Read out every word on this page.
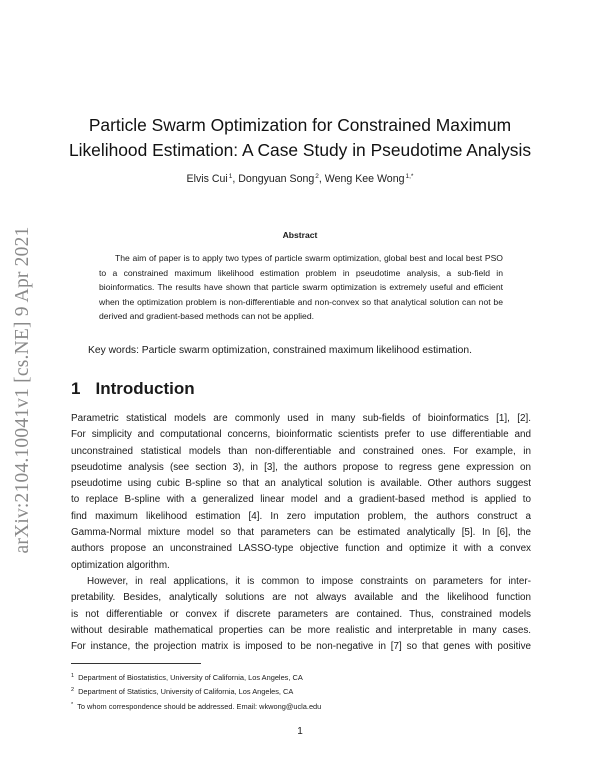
arXiv:2104.10041v1 [cs.NE] 9 Apr 2021
Particle Swarm Optimization for Constrained Maximum
Likelihood Estimation: A Case Study in Pseudotime Analysis
Elvis Cui$^1$, Dongyuan Song$^2$, Weng Kee Wong$^{1,*}$
Abstract
The aim of paper is to apply two types of particle swarm optimization, global best and local best PSO to a constrained maximum likelihood estimation problem in pseudotime analysis, a sub-field in bioinformatics. The results have shown that particle swarm optimization is extremely useful and efficient when the optimization problem is non-differentiable and non-convex so that analytical solution can not be derived and gradient-based methods can not be applied.
Key words: Particle swarm optimization, constrained maximum likelihood estimation.
1 Introduction
Parametric statistical models are commonly used in many sub-fields of bioinformatics [1], [2].
For simplicity and computational concerns, bioinformatic scientists prefer to use differentiable and
unconstrained statistical models than non-differentiable and constrained ones. For example, in
pseudotime analysis (see section 3), in [3], the authors propose to regress gene expression on
pseudotime using cubic B-spline so that an analytical solution is available. Other authors suggest
to replace B-spline with a generalized linear model and a gradient-based method is applied to
find maximum likelihood estimation [4]. In zero imputation problem, the authors construct a
Gamma-Normal mixture model so that parameters can be estimated analytically [5]. In [6], the
authors propose an unconstrained LASSO-type objective function and optimize it with a convex
optimization algorithm.
However, in real applications, it is common to impose constraints on parameters for inter-
pretability. Besides, analytically solutions are not always available and the likelihood function
is not differentiable or convex if discrete parameters are contained. Thus, constrained models
without desirable mathematical properties can be more realistic and interpretable in many cases.
For instance, the projection matrix is imposed to be non-negative in [7] so that genes with positive
$^1$ Department of Biostatistics, University of California, Los Angeles, CA
$^2$ Department of Statistics, University of California, Los Angeles, CA
* To whom correspondence should be addressed. Email: wkwong@ucla.edu
1
